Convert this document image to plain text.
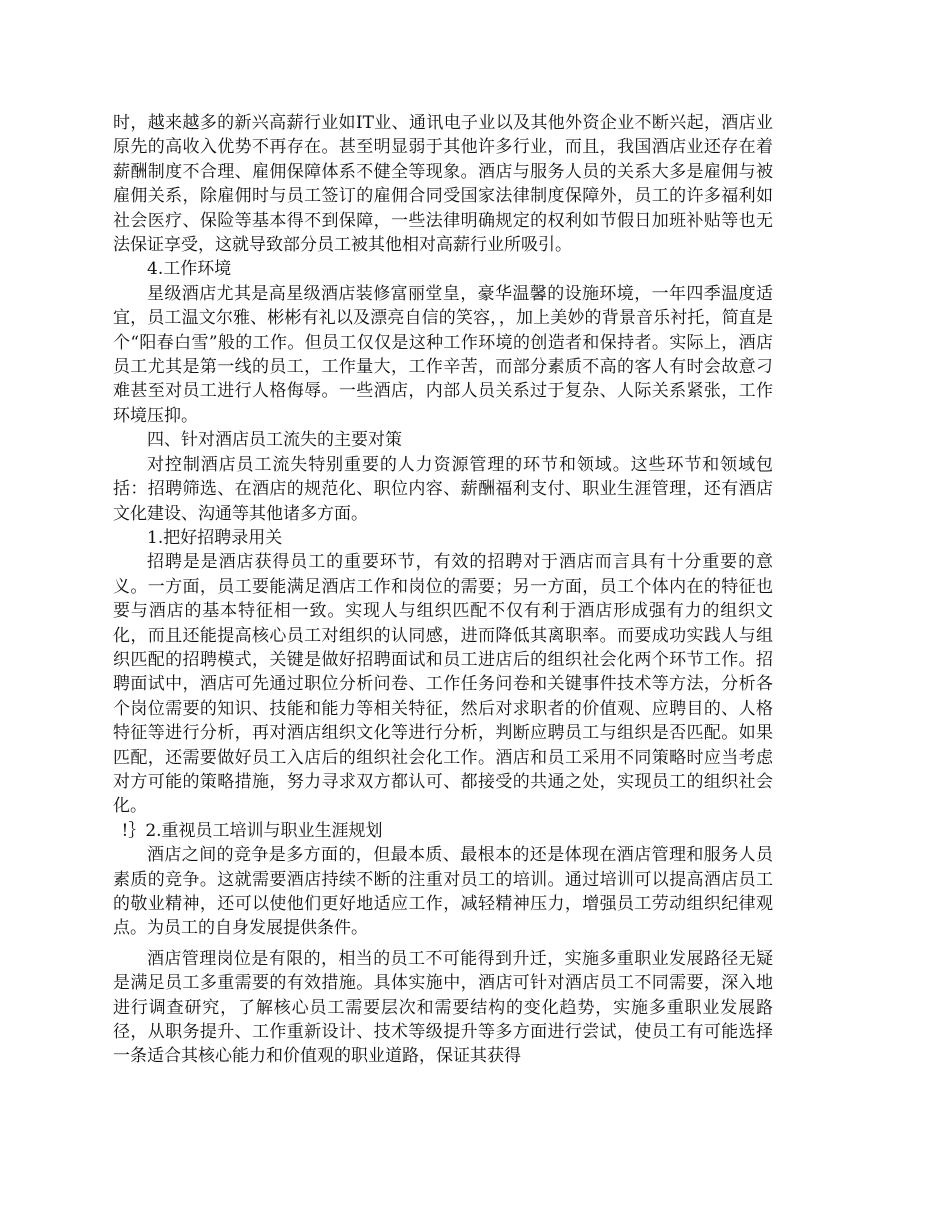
时，越来越多的新兴高薪行业如IT业、通讯电子业以及其他外资企业不断兴起，酒店业原先的高收入优势不再存在。甚至明显弱于其他许多行业，而且，我国酒店业还存在着薪酬制度不合理、雇佣保障体系不健全等现象。酒店与服务人员的关系大多是雇佣与被雇佣关系，除雇佣时与员工签订的雇佣合同受国家法律制度保障外，员工的许多福利如社会医疗、保险等基本得不到保障，一些法律明确规定的权利如节假日加班补贴等也无法保证享受，这就导致部分员工被其他相对高薪行业所吸引。

4.工作环境

星级酒店尤其是高星级酒店装修富丽堂皇，豪华温馨的设施环境，一年四季温度适宜，员工温文尔雅、彬彬有礼以及漂亮自信的笑容，，加上美妙的背景音乐衬托，简直是个“阳春白雪”般的工作。但员工仅仅是这种工作环境的创造者和保持者。实际上，酒店员工尤其是第一线的员工，工作量大，工作辛苦，而部分素质不高的客人有时会故意刁难甚至对员工进行人格侮辱。一些酒店，内部人员关系过于复杂、人际关系紧张，工作环境压抑。

四、针对酒店员工流失的主要对策

对控制酒店员工流失特别重要的人力资源管理的环节和领域。这些环节和领域包括：招聘筛选、在酒店的规范化、职位内容、薪酬福利支付、职业生涯管理，还有酒店文化建设、沟通等其他诸多方面。

1.把好招聘录用关

招聘是是酒店获得员工的重要环节，有效的招聘对于酒店而言具有十分重要的意义。一方面，员工要能满足酒店工作和岗位的需要；另一方面，员工个体内在的特征也要与酒店的基本特征相一致。实现人与组织匹配不仅有利于酒店形成强有力的组织文化，而且还能提高核心员工对组织的认同感，进而降低其离职率。而要成功实践人与组织匹配的招聘模式，关键是做好招聘面试和员工进店后的组织社会化两个环节工作。招聘面试中，酒店可先通过职位分析问卷、工作任务问卷和关键事件技术等方法，分析各个岗位需要的知识、技能和能力等相关特征，然后对求职者的价值观、应聘目的、人格特征等进行分析，再对酒店组织文化等进行分析，判断应聘员工与组织是否匹配。如果匹配，还需要做好员工入店后的组织社会化工作。酒店和员工采用不同策略时应当考虑对方可能的策略措施，努力寻求双方都认可、都接受的共通之处，实现员工的组织社会化。

!｝2.重视员工培训与职业生涯规划

酒店之间的竞争是多方面的，但最本质、最根本的还是体现在酒店管理和服务人员素质的竞争。这就需要酒店持续不断的注重对员工的培训。通过培训可以提高酒店员工的敬业精神，还可以使他们更好地适应工作，减轻精神压力，增强员工劳动组织纪律观点。为员工的自身发展提供条件。

酒店管理岗位是有限的，相当的员工不可能得到升迁，实施多重职业发展路径无疑是满足员工多重需要的有效措施。具体实施中，酒店可针对酒店员工不同需要，深入地进行调查研究，了解核心员工需要层次和需要结构的变化趋势，实施多重职业发展路径，从职务提升、工作重新设计、技术等级提升等多方面进行尝试，使员工有可能选择一条适合其核心能力和价值观的职业道路，保证其获得
